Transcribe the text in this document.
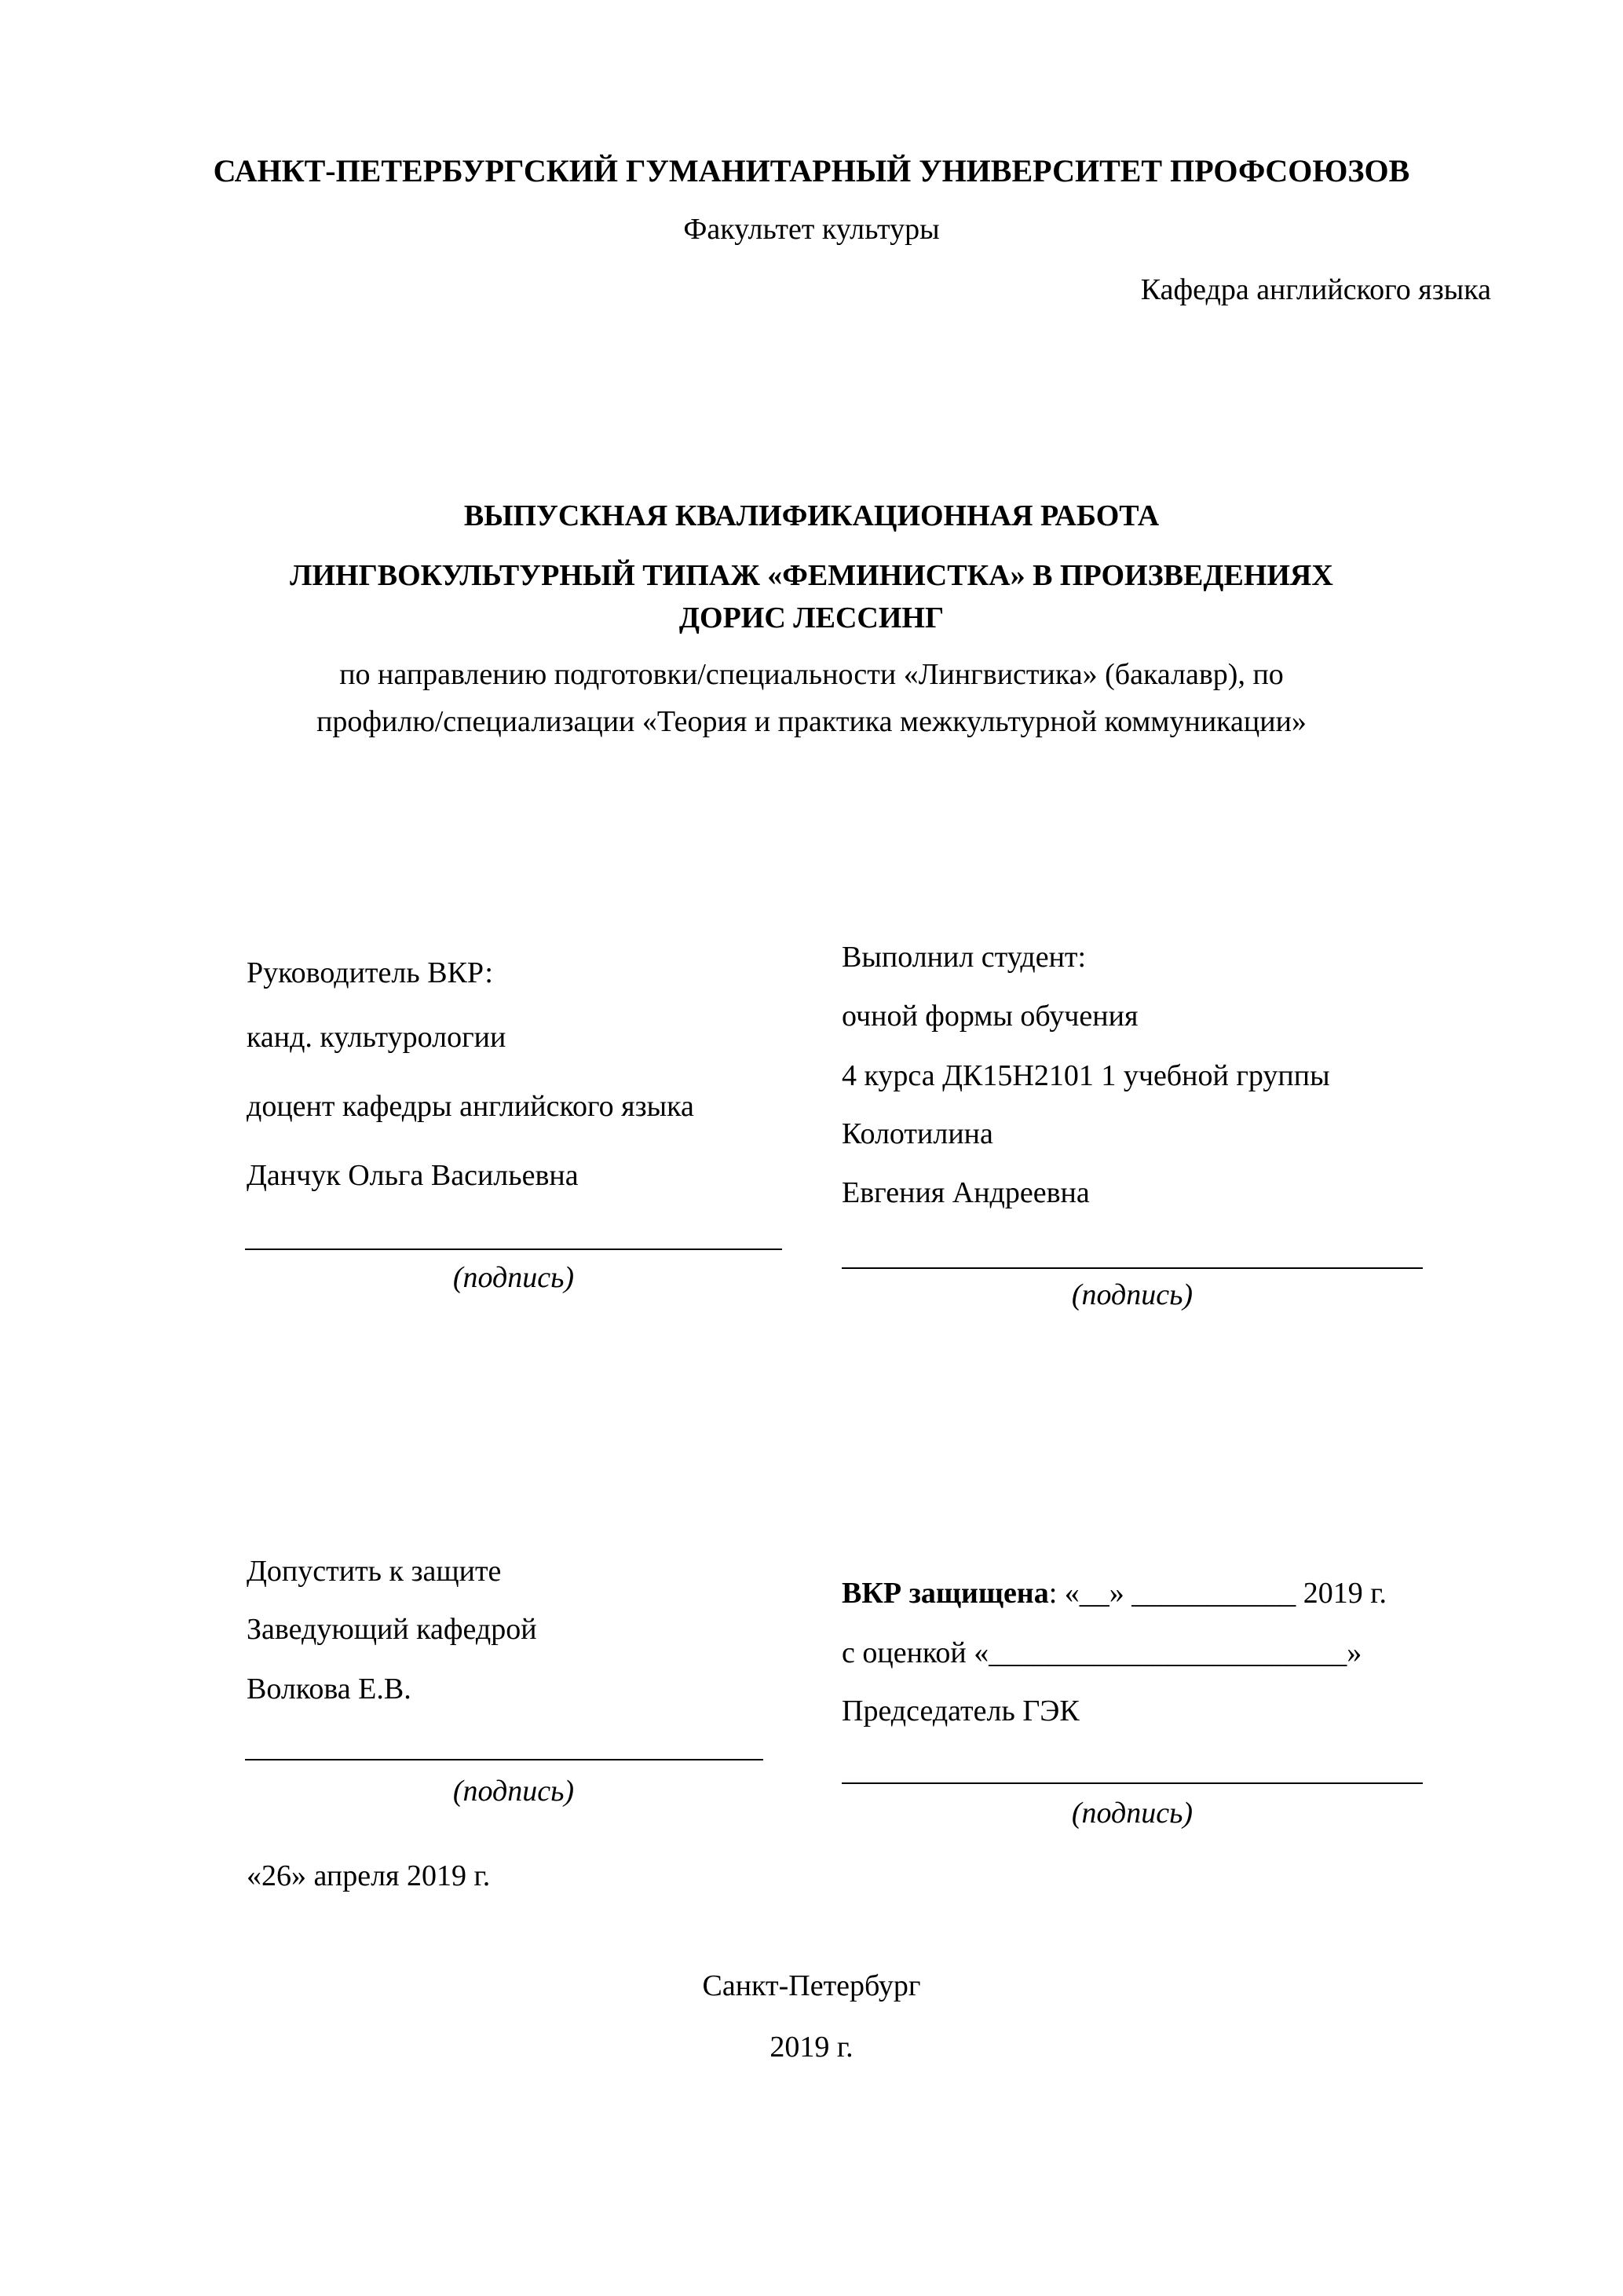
САНКТ-ПЕТЕРБУРГСКИЙ ГУМАНИТАРНЫЙ УНИВЕРСИТЕТ ПРОФСОЮЗОВ
Факультет культуры
Кафедра английского языка
ВЫПУСКНАЯ КВАЛИФИКАЦИОННАЯ РАБОТА
ЛИНГВОКУЛЬТУРНЫЙ ТИПАЖ «ФЕМИНИСТКА» В ПРОИЗВЕДЕНИЯХ
ДОРИС ЛЕССИНГ
по направлению подготовки/специальности «Лингвистика» (бакалавр), по
профилю/специализации «Теория и практика межкультурной коммуникации»
Руководитель ВКР:
канд. культурологии
доцент кафедры английского языка
Данчук Ольга Васильевна
(подпись)
Выполнил студент:
очной формы обучения
4 курса ДК15Н2101 1 учебной группы
Колотилина
Евгения Андреевна
(подпись)
Допустить к защите
Заведующий кафедрой
Волкова Е.В.
(подпись)
«26» апреля 2019 г.
ВКР защищена: «__» ___________ 2019 г.
с оценкой «________________________»
Председатель ГЭК
(подпись)
Санкт-Петербург
2019 г.
